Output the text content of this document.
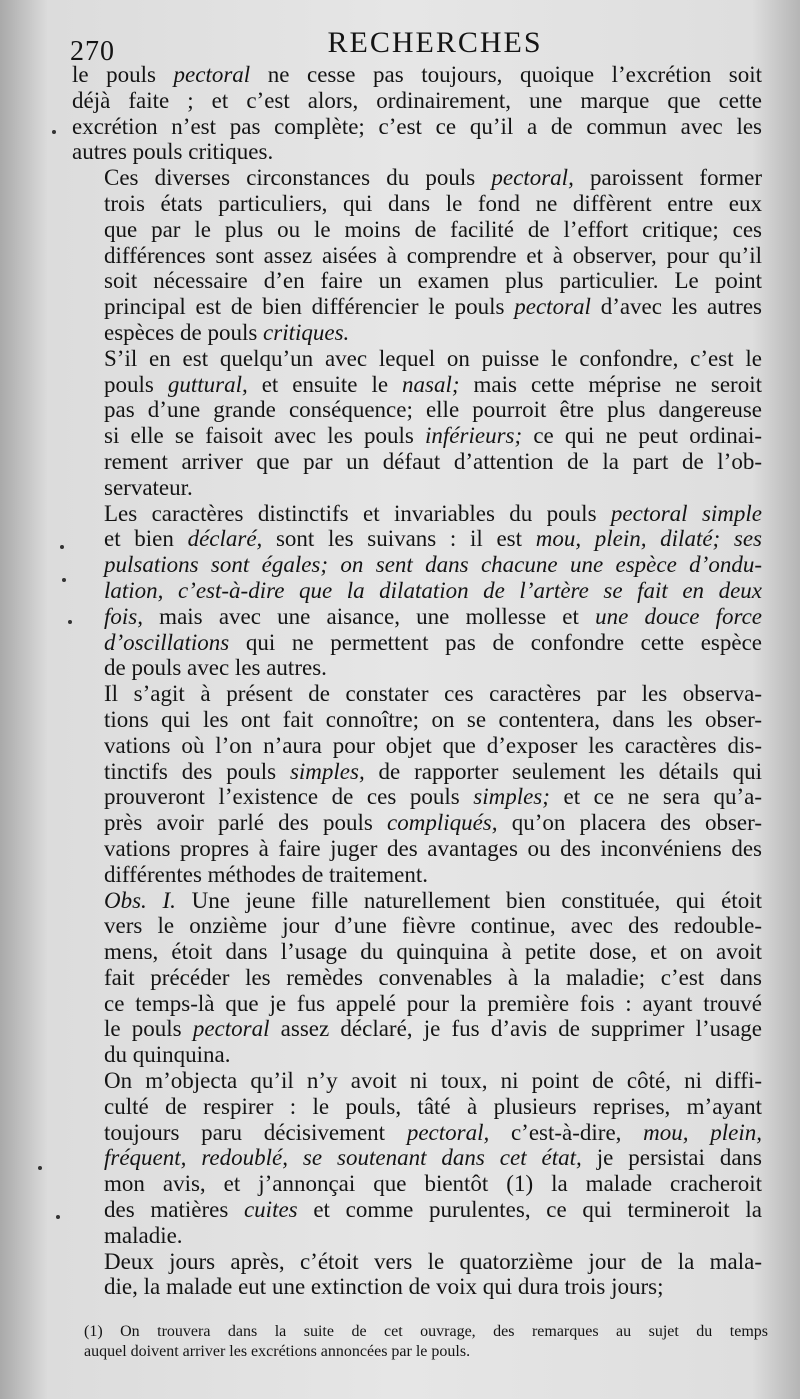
270	RECHERCHES
le pouls pectoral ne cesse pas toujours, quoique l’excrétion soit
déjà faite ; et c’est alors, ordinairement, une marque que cette
excrétion n’est pas complète; c’est ce qu’il a de commun avec les
autres pouls critiques.
Ces diverses circonstances du pouls pectoral, paroissent former
trois états particuliers, qui dans le fond ne diffèrent entre eux
que par le plus ou le moins de facilité de l’effort critique; ces
différences sont assez aisées à comprendre et à observer, pour qu’il
soit nécessaire d’en faire un examen plus particulier. Le point
principal est de bien différencier le pouls pectoral d’avec les autres
espèces de pouls critiques.
S’il en est quelqu’un avec lequel on puisse le confondre, c’est le
pouls guttural, et ensuite le nasal; mais cette méprise ne seroit
pas d’une grande conséquence; elle pourroit être plus dangereuse
si elle se faisoit avec les pouls inférieurs; ce qui ne peut ordinai-
rement arriver que par un défaut d’attention de la part de l’ob-
servateur.
Les caractères distinctifs et invariables du pouls pectoral simple
et bien déclaré, sont les suivans : il est mou, plein, dilaté; ses
pulsations sont égales; on sent dans chacune une espèce d’ondu-
lation, c’est-à-dire que la dilatation de l’artère se fait en deux
fois, mais avec une aisance, une mollesse et une douce force
d’oscillations qui ne permettent pas de confondre cette espèce
de pouls avec les autres.
Il s’agit à présent de constater ces caractères par les observa-
tions qui les ont fait connoître; on se contentera, dans les obser-
vations où l’on n’aura pour objet que d’exposer les caractères dis-
tinctifs des pouls simples, de rapporter seulement les détails qui
prouveront l’existence de ces pouls simples; et ce ne sera qu’a-
près avoir parlé des pouls compliqués, qu’on placera des obser-
vations propres à faire juger des avantages ou des inconvéniens des
différentes méthodes de traitement.
Obs. I. Une jeune fille naturellement bien constituée, qui étoit
vers le onzième jour d’une fièvre continue, avec des redouble-
mens, étoit dans l’usage du quinquina à petite dose, et on avoit
fait précéder les remèdes convenables à la maladie; c’est dans
ce temps-là que je fus appelé pour la première fois : ayant trouvé
le pouls pectoral assez déclaré, je fus d’avis de supprimer l’usage
du quinquina.
On m’objecta qu’il n’y avoit ni toux, ni point de côté, ni diffi-
culté de respirer : le pouls, tâté à plusieurs reprises, m’ayant
toujours paru décisivement pectoral, c’est-à-dire, mou, plein,
fréquent, redoublé, se soutenant dans cet état, je persistai dans
mon avis, et j’annonçai que bientôt (1) la malade cracheroit
des matières cuites et comme purulentes, ce qui termineroit la
maladie.
Deux jours après, c’étoit vers le quatorzième jour de la mala-
die, la malade eut une extinction de voix qui dura trois jours;
(1) On trouvera dans la suite de cet ouvrage, des remarques au sujet du temps
auquel doivent arriver les excrétions annoncées par le pouls.
​
